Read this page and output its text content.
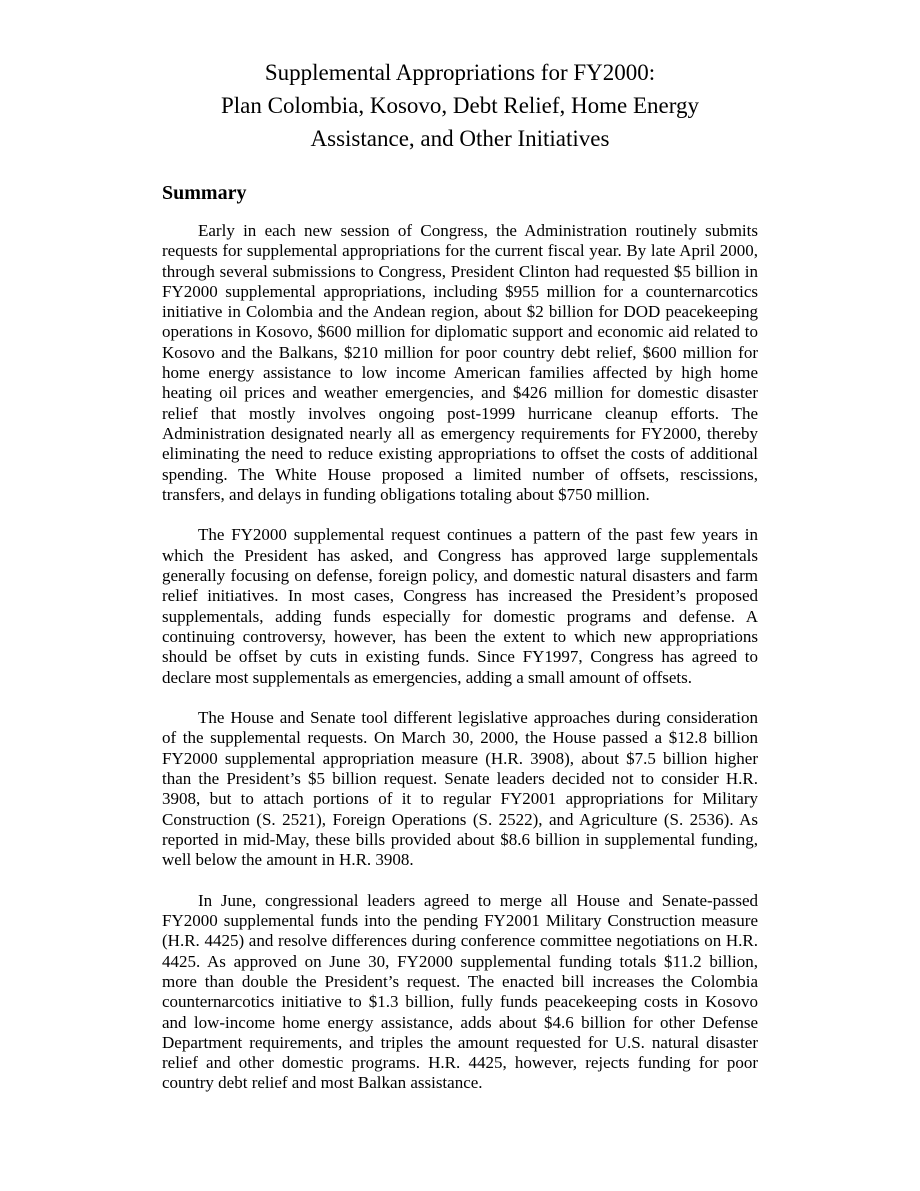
Supplemental Appropriations for FY2000:
Plan Colombia, Kosovo, Debt Relief, Home Energy
Assistance, and Other Initiatives
Summary

Early in each new session of Congress, the Administration routinely submits requests for supplemental appropriations for the current fiscal year. By late April 2000, through several submissions to Congress, President Clinton had requested $5 billion in FY2000 supplemental appropriations, including $955 million for a counternarcotics initiative in Colombia and the Andean region, about $2 billion for DOD peacekeeping operations in Kosovo, $600 million for diplomatic support and economic aid related to Kosovo and the Balkans, $210 million for poor country debt relief, $600 million for home energy assistance to low income American families affected by high home heating oil prices and weather emergencies, and $426 million for domestic disaster relief that mostly involves ongoing post-1999 hurricane cleanup efforts. The Administration designated nearly all as emergency requirements for FY2000, thereby eliminating the need to reduce existing appropriations to offset the costs of additional spending. The White House proposed a limited number of offsets, rescissions, transfers, and delays in funding obligations totaling about $750 million.

The FY2000 supplemental request continues a pattern of the past few years in which the President has asked, and Congress has approved large supplementals generally focusing on defense, foreign policy, and domestic natural disasters and farm relief initiatives. In most cases, Congress has increased the President’s proposed supplementals, adding funds especially for domestic programs and defense. A continuing controversy, however, has been the extent to which new appropriations should be offset by cuts in existing funds. Since FY1997, Congress has agreed to declare most supplementals as emergencies, adding a small amount of offsets.

The House and Senate tool different legislative approaches during consideration of the supplemental requests. On March 30, 2000, the House passed a $12.8 billion FY2000 supplemental appropriation measure (H.R. 3908), about $7.5 billion higher than the President’s $5 billion request. Senate leaders decided not to consider H.R. 3908, but to attach portions of it to regular FY2001 appropriations for Military Construction (S. 2521), Foreign Operations (S. 2522), and Agriculture (S. 2536). As reported in mid-May, these bills provided about $8.6 billion in supplemental funding, well below the amount in H.R. 3908.

In June, congressional leaders agreed to merge all House and Senate-passed FY2000 supplemental funds into the pending FY2001 Military Construction measure (H.R. 4425) and resolve differences during conference committee negotiations on H.R. 4425. As approved on June 30, FY2000 supplemental funding totals $11.2 billion, more than double the President’s request. The enacted bill increases the Colombia counternarcotics initiative to $1.3 billion, fully funds peacekeeping costs in Kosovo and low-income home energy assistance, adds about $4.6 billion for other Defense Department requirements, and triples the amount requested for U.S. natural disaster relief and other domestic programs. H.R. 4425, however, rejects funding for poor country debt relief and most Balkan assistance.
